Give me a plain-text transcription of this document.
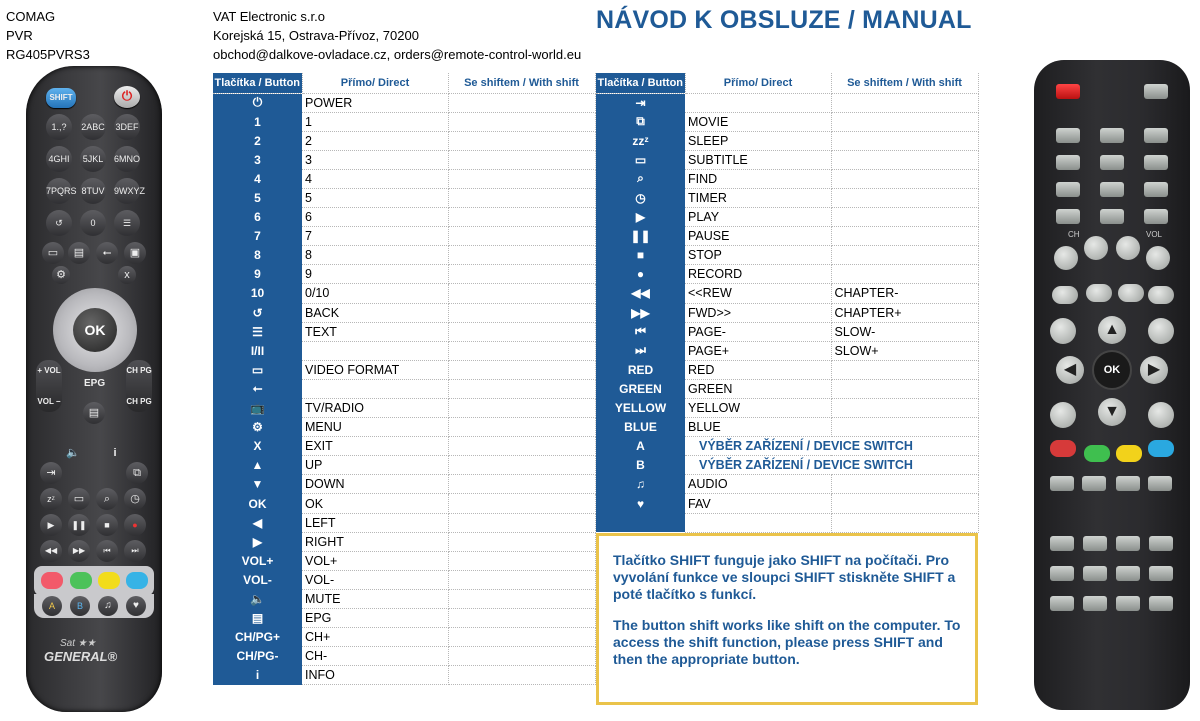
COMAG
PVR
RG405PVRS3
VAT Electronic s.r.o
Korejská 15, Ostrava-Přívoz, 70200
obchod@dalkove-ovladace.cz, orders@remote-control-world.eu
NÁVOD K OBSLUZE / MANUAL
SHIFT	⏻
1.,?	2ABC 3DEF
4GHI	5JKL	6MNO
7PQRS 8TUV 9WXYZ
↺	0	☰
▭	▤	⭠	▣
⚙	x
OK
+ VOL
VOL −
CH PG
CH PG
EPG
▤
🔈	i
⇥	⧉
zᶻ	▭	⌕	◷
▶	❚❚	■	●
◀◀	▶▶	⏮	⏭
A	B	♫	♥
Sat ★★
GENERAL®
Tlačítka / Button	Přímo/ Direct	Se shiftem / With shift
⏻	POWER	
1	1	
2	2	
3	3	
4	4	
5	5	
6	6	
7	7	
8	8	
9	9	
10	0/10	
↺	BACK	
☰	TEXT	
I/II		
▭	VIDEO FORMAT	
⭠		
📺	TV/RADIO	
⚙	MENU	
X	EXIT	
▲	UP	
▼	DOWN	
OK	OK	
◀	LEFT	
▶	RIGHT	
VOL+	VOL+	
VOL-	VOL-	
🔈	MUTE	
▤	EPG	
CH/PG+	CH+	
CH/PG-	CH-	
i	INFO	
Tlačítka / Button	Přímo/ Direct	Se shiftem / With shift
⇥		
⧉	MOVIE	
zzᶻ	SLEEP	
▭	SUBTITLE	
⌕	FIND	
◷	TIMER	
▶	PLAY	
❚❚	PAUSE	
■	STOP	
●	RECORD	
◀◀	<<REW	CHAPTER-
▶▶	FWD>>	CHAPTER+
⏮	PAGE-	SLOW-
⏭	PAGE+	SLOW+
RED	RED	
GREEN	GREEN	
YELLOW	YELLOW	
BLUE	BLUE	
A	VÝBĚR ZAŘÍZENÍ / DEVICE SWITCH	
B	VÝBĚR ZAŘÍZENÍ / DEVICE SWITCH	
♫	AUDIO	
♥	FAV	

Tlačítko SHIFT funguje jako SHIFT na počítači. Pro vyvolání funkce ve sloupci SHIFT stiskněte SHIFT a poté tlačítko s funkcí.

The button shift works like shift on the computer. To access the shift function, please press SHIFT and then the appropriate button.

CH	VOL
▲
◀	▶
OK
▼
